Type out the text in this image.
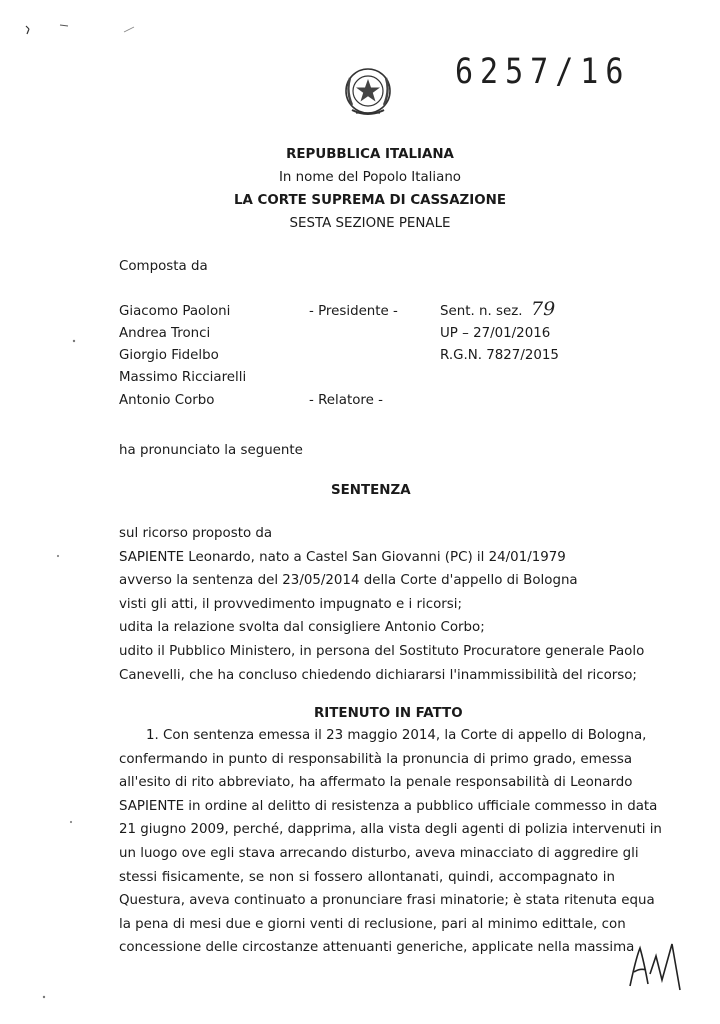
6257/16
REPUBBLICA ITALIANA
In nome del Popolo Italiano
LA CORTE SUPREMA DI CASSAZIONE
SESTA SEZIONE PENALE
Composta da
Giacomo Paoloni	- Presidente -
Andrea Tronci
Giorgio Fidelbo
Massimo Ricciarelli
Antonio Corbo	- Relatore -
Sent. n. sez. 79
UP – 27/01/2016
R.G.N. 7827/2015
ha pronunciato la seguente
SENTENZA
sul ricorso proposto da
SAPIENTE Leonardo, nato a Castel San Giovanni (PC) il 24/01/1979
avverso la sentenza del 23/05/2014 della Corte d'appello di Bologna
visti gli atti, il provvedimento impugnato e i ricorsi;
udita la relazione svolta dal consigliere Antonio Corbo;
udito il Pubblico Ministero, in persona del Sostituto Procuratore generale Paolo
Canevelli, che ha concluso chiedendo dichiararsi l'inammissibilità del ricorso;
RITENUTO IN FATTO
1. Con sentenza emessa il 23 maggio 2014, la Corte di appello di Bologna,
confermando in punto di responsabilità la pronuncia di primo grado, emessa
all'esito di rito abbreviato, ha affermato la penale responsabilità di Leonardo
SAPIENTE in ordine al delitto di resistenza a pubblico ufficiale commesso in data
21 giugno 2009, perché, dapprima, alla vista degli agenti di polizia intervenuti in
un luogo ove egli stava arrecando disturbo, aveva minacciato di aggredire gli
stessi fisicamente, se non si fossero allontanati, quindi, accompagnato in
Questura, aveva continuato a pronunciare frasi minatorie; è stata ritenuta equa
la pena di mesi due e giorni venti di reclusione, pari al minimo edittale, con
concessione delle circostanze attenuanti generiche, applicate nella massima
